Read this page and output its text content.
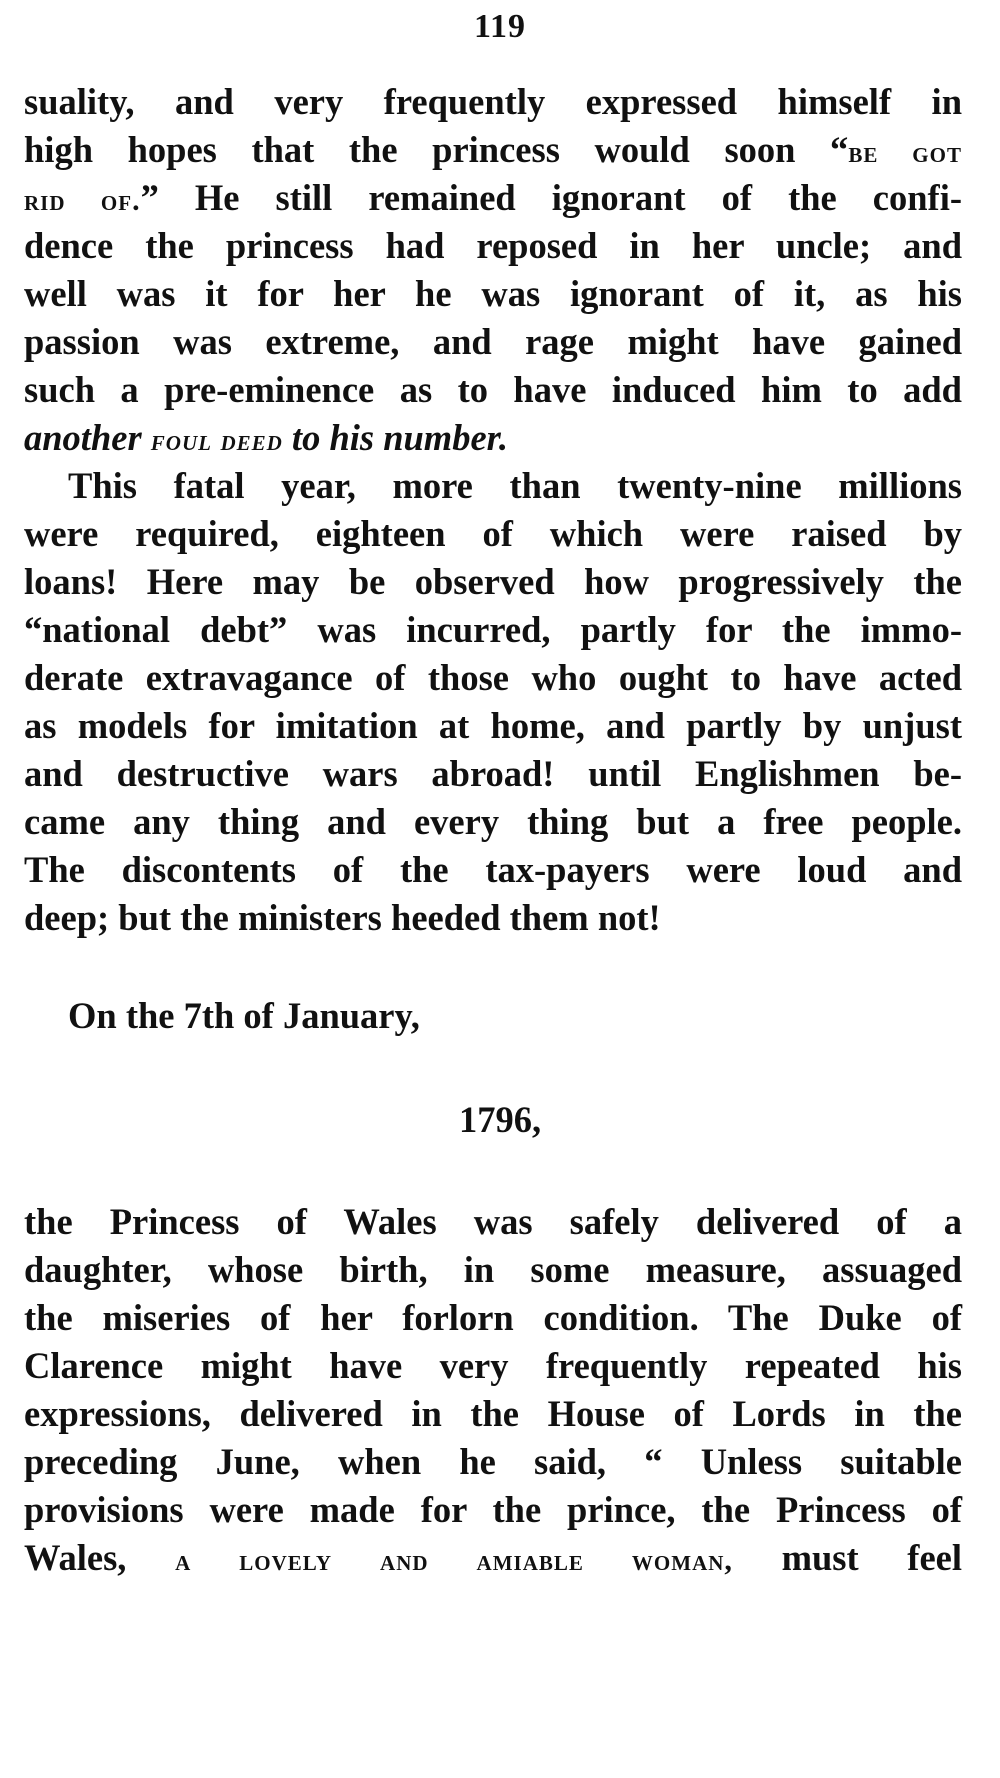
119
suality, and very frequently expressed himself in
high hopes that the princess would soon “be got
rid of.” He still remained ignorant of the confi-
dence the princess had reposed in her uncle; and
well was it for her he was ignorant of it, as his
passion was extreme, and rage might have gained
such a pre-eminence as to have induced him to add
another foul deed to his number.
This fatal year, more than twenty-nine millions
were required, eighteen of which were raised by
loans! Here may be observed how progressively the
“national debt” was incurred, partly for the immo-
derate extravagance of those who ought to have acted
as models for imitation at home, and partly by unjust
and destructive wars abroad! until Englishmen be-
came any thing and every thing but a free people.
The discontents of the tax-payers were loud and
deep; but the ministers heeded them not!
On the 7th of January,
1796,
the Princess of Wales was safely delivered of a
daughter, whose birth, in some measure, assuaged
the miseries of her forlorn condition. The Duke of
Clarence might have very frequently repeated his
expressions, delivered in the House of Lords in the
preceding June, when he said, “ Unless suitable
provisions were made for the prince, the Princess of
Wales, a lovely and amiable woman, must feel
